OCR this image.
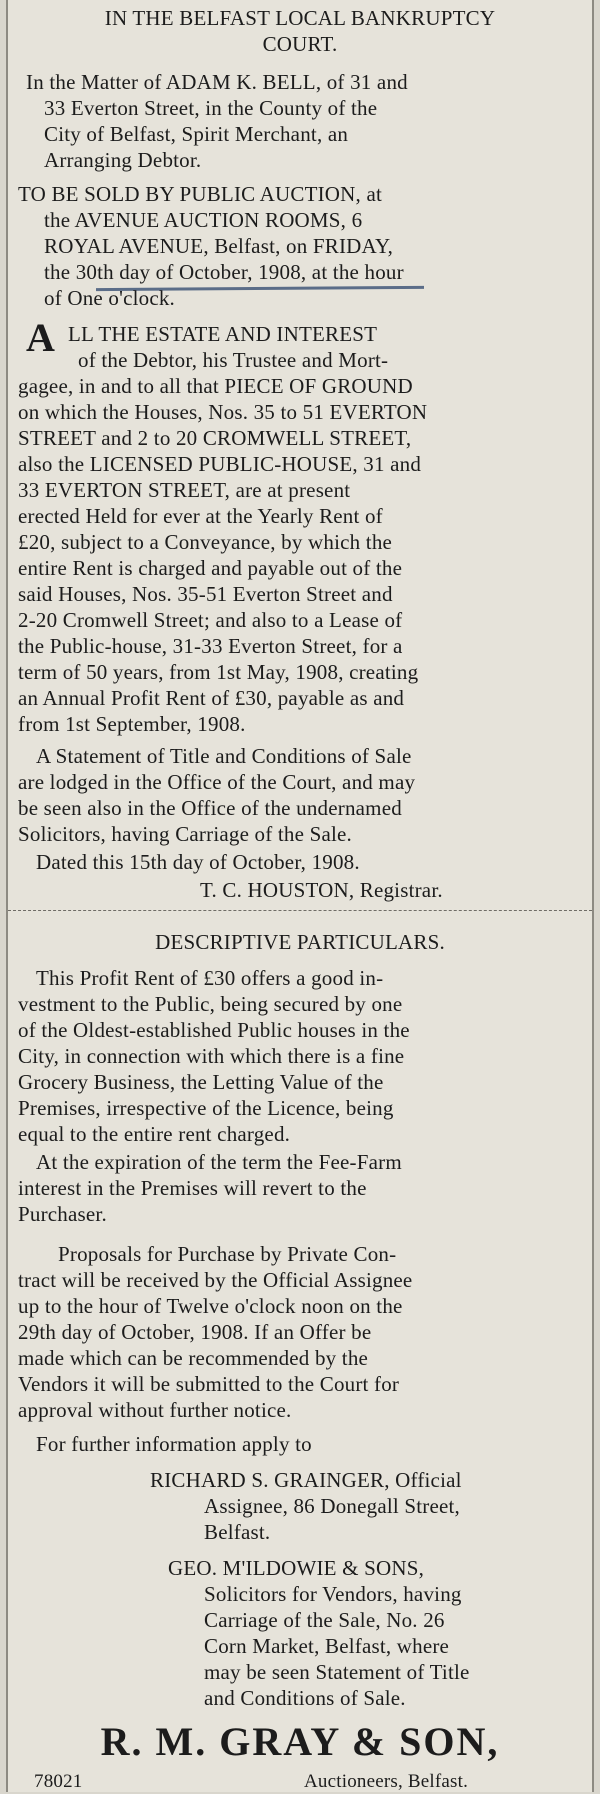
IN THE BELFAST LOCAL BANKRUPTCY
COURT.
In the Matter of ADAM K. BELL, of 31 and
33 Everton Street, in the County of the
City of Belfast, Spirit Merchant, an
Arranging Debtor.
TO BE SOLD BY PUBLIC AUCTION, at
the AVENUE AUCTION ROOMS, 6
ROYAL AVENUE, Belfast, on FRIDAY,
the 30th day of October, 1908, at the hour
of One o'clock.
A LL THE ESTATE AND INTEREST
of the Debtor, his Trustee and Mort-
gagee, in and to all that PIECE OF GROUND
on which the Houses, Nos. 35 to 51 EVERTON
STREET and 2 to 20 CROMWELL STREET,
also the LICENSED PUBLIC-HOUSE, 31 and
33 EVERTON STREET, are at present
erected Held for ever at the Yearly Rent of
£20, subject to a Conveyance, by which the
entire Rent is charged and payable out of the
said Houses, Nos. 35-51 Everton Street and
2-20 Cromwell Street; and also to a Lease of
the Public-house, 31-33 Everton Street, for a
term of 50 years, from 1st May, 1908, creating
an Annual Profit Rent of £30, payable as and
from 1st September, 1908.
A Statement of Title and Conditions of Sale
are lodged in the Office of the Court, and may
be seen also in the Office of the undernamed
Solicitors, having Carriage of the Sale.
Dated this 15th day of October, 1908.
T. C. HOUSTON, Registrar.
DESCRIPTIVE PARTICULARS.
This Profit Rent of £30 offers a good in-
vestment to the Public, being secured by one
of the Oldest-established Public houses in the
City, in connection with which there is a fine
Grocery Business, the Letting Value of the
Premises, irrespective of the Licence, being
equal to the entire rent charged.
At the expiration of the term the Fee-Farm
interest in the Premises will revert to the
Purchaser.
Proposals for Purchase by Private Con-
tract will be received by the Official Assignee
up to the hour of Twelve o'clock noon on the
29th day of October, 1908. If an Offer be
made which can be recommended by the
Vendors it will be submitted to the Court for
approval without further notice.
For further information apply to
RICHARD S. GRAINGER, Official
Assignee, 86 Donegall Street,
Belfast.
GEO. M'ILDOWIE & SONS,
Solicitors for Vendors, having
Carriage of the Sale, No. 26
Corn Market, Belfast, where
may be seen Statement of Title
and Conditions of Sale.
R. M. GRAY & SON,
78021	Auctioneers, Belfast.
